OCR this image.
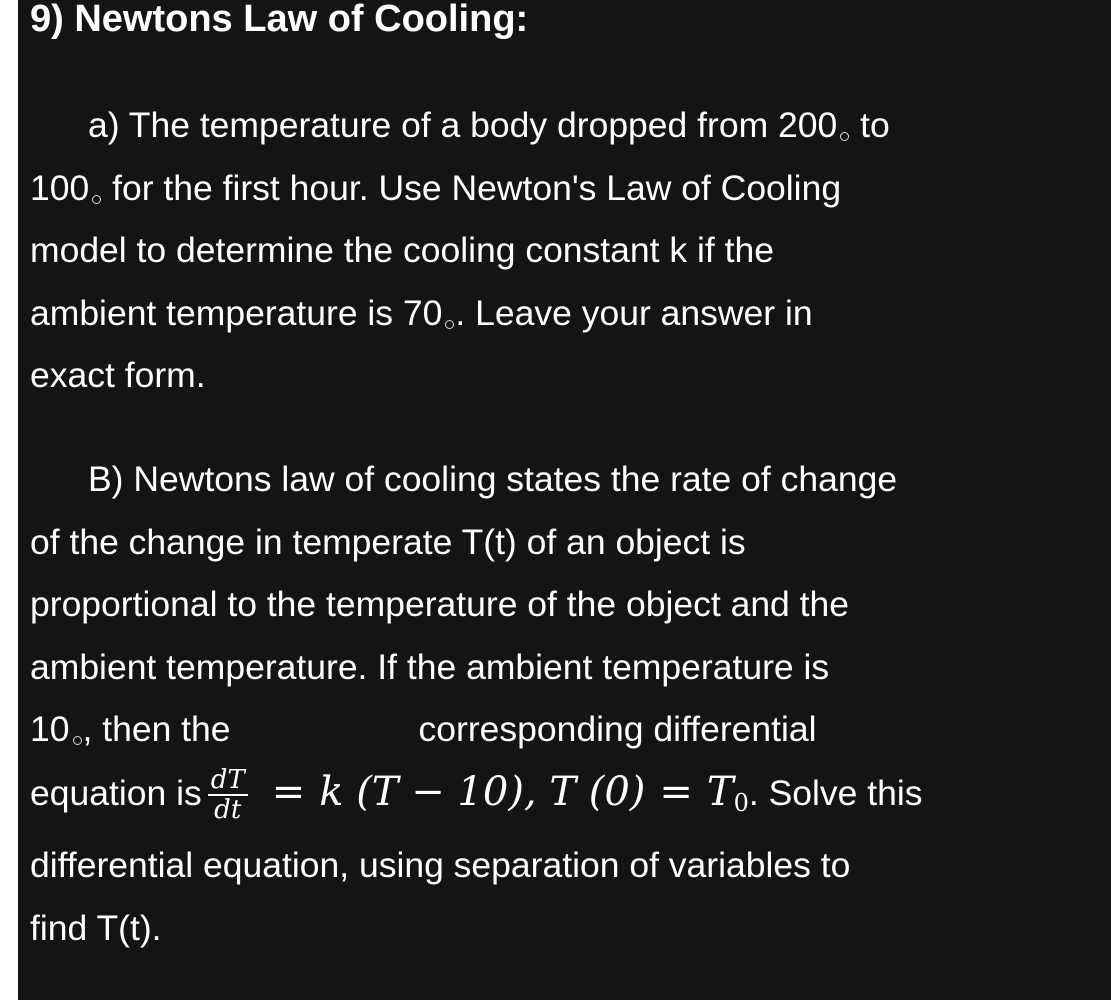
9) Newtons Law of Cooling:
a) The temperature of a body dropped from 200 to
100 for the first hour. Use Newton's Law of Cooling
model to determine the cooling constant k if the
ambient temperature is 70 . Leave your answer in
exact form.
B) Newtons law of cooling states the rate of change
of the change in temperate T(t) of an object is
proportional to the temperature of the object and the
ambient temperature. If the ambient temperature is
10 , then the	corresponding differential
equation is $\frac{dT}{dt} = k$ (T − 10), T $(0) = T_0$. Solve this
differential equation, using separation of variables to
find T(t).
